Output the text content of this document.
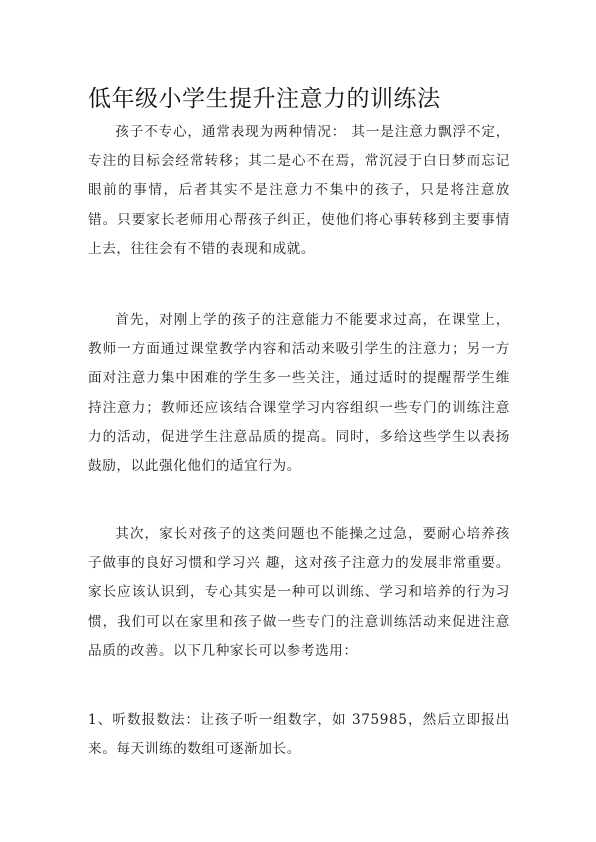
低年级小学生提升注意力的训练法

孩子不专心，通常表现为两种情况： 其一是注意力飘浮不定，专注的目标会经常转移；其二是心不在焉，常沉浸于白日梦而忘记眼前的事情，后者其实不是注意力不集中的孩子，只是将注意放错。只要家长老师用心帮孩子纠正，使他们将心事转移到主要事情上去，往往会有不错的表现和成就。

首先，对刚上学的孩子的注意能力不能要求过高，在课堂上，教师一方面通过课堂教学内容和活动来吸引学生的注意力；另一方面对注意力集中困难的学生多一些关注，通过适时的提醒帮学生维持注意力；教师还应该结合课堂学习内容组织一些专门的训练注意力的活动，促进学生注意品质的提高。同时，多给这些学生以表扬鼓励，以此强化他们的适宜行为。

其次，家长对孩子的这类问题也不能操之过急，要耐心培养孩子做事的良好习惯和学习兴 趣，这对孩子注意力的发展非常重要。家长应该认识到，专心其实是一种可以训练、学习和培养的行为习惯，我们可以在家里和孩子做一些专门的注意训练活动来促进注意品质的改善。以下几种家长可以参考选用：

1、听数报数法：让孩子听一组数字，如 375985，然后立即报出来。每天训练的数组可逐渐加长。
